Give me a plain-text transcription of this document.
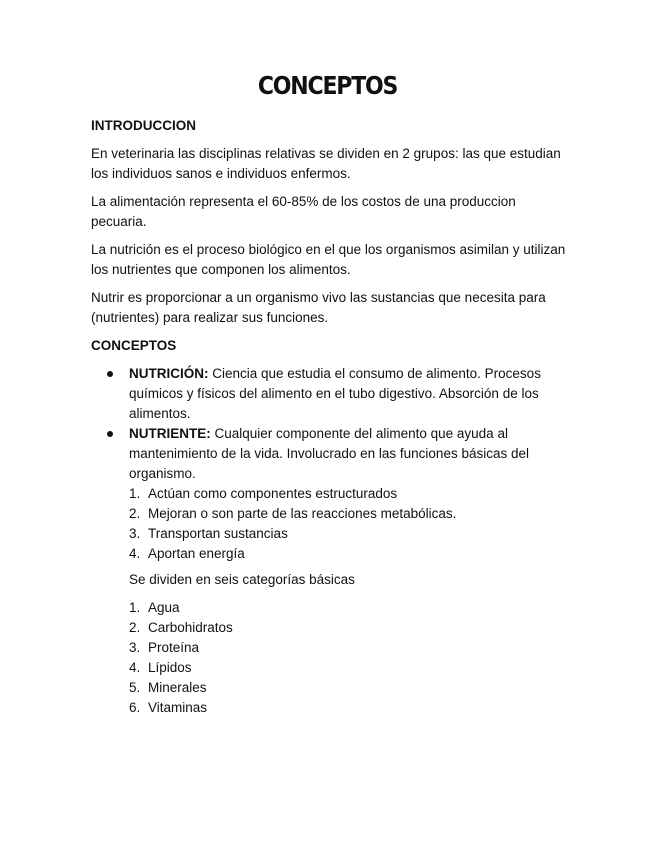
CONCEPTOS
INTRODUCCION

En veterinaria las disciplinas relativas se dividen en 2 grupos: las que estudian los individuos sanos e individuos enfermos.

La alimentación representa el 60-85% de los costos de una produccion pecuaria.

La nutrición es el proceso biológico en el que los organismos asimilan y utilizan los nutrientes que componen los alimentos.

Nutrir es proporcionar a un organismo vivo las sustancias que necesita para (nutrientes) para realizar sus funciones.

CONCEPTOS
NUTRICIÓN: Ciencia que estudia el consumo de alimento. Procesos químicos y físicos del alimento en el tubo digestivo. Absorción de los alimentos.
NUTRIENTE: Cualquier componente del alimento que ayuda al mantenimiento de la vida. Involucrado en las funciones básicas del organismo.
1. Actúan como componentes estructurados
2. Mejoran o son parte de las reacciones metabólicas.
3. Transportan sustancias
4. Aportan energía

Se dividen en seis categorías básicas

1. Agua
2. Carbohidratos
3. Proteína
4. Lípidos
5. Minerales
6. Vitaminas
